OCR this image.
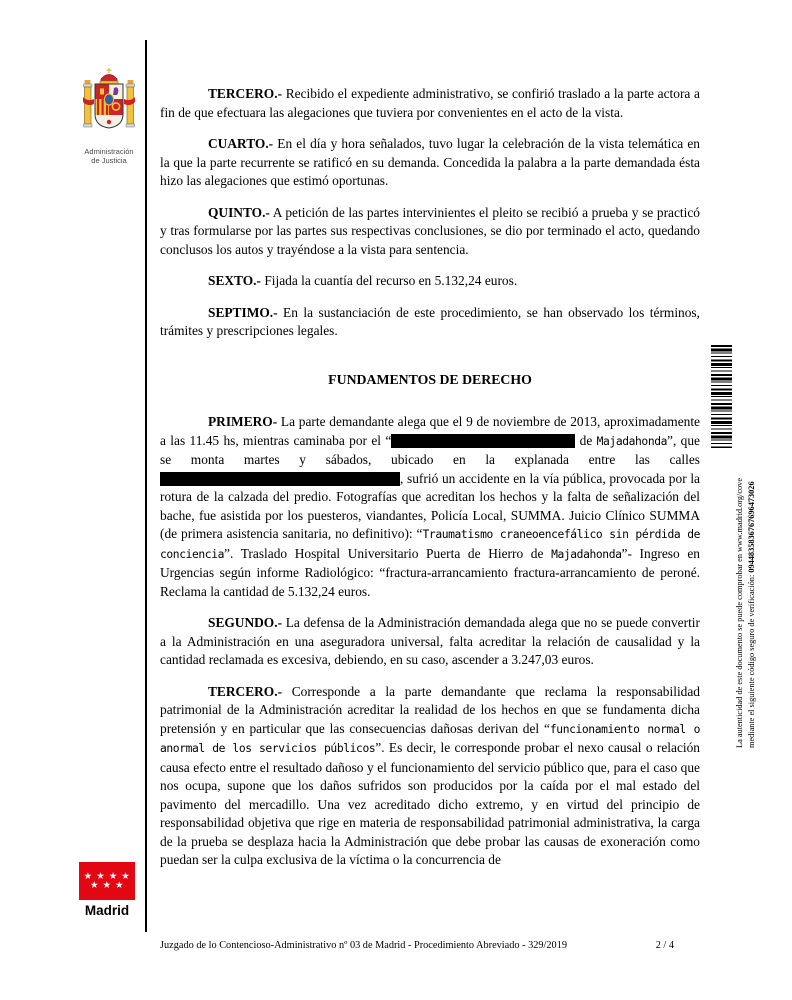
Administración
de Justicia

TERCERO.- Recibido el expediente administrativo, se confirió traslado a la parte actora a fin de que efectuara las alegaciones que tuviera por convenientes en el acto de la vista.

CUARTO.- En el día y hora señalados, tuvo lugar la celebración de la vista telemática en la que la parte recurrente se ratificó en su demanda. Concedida la palabra a la parte demandada ésta hizo las alegaciones que estimó oportunas.

QUINTO.- A petición de las partes intervinientes el pleito se recibió a prueba y se practicó y tras formularse por las partes sus respectivas conclusiones, se dio por terminado el acto, quedando conclusos los autos y trayéndose a la vista para sentencia.

SEXTO.- Fijada la cuantía del recurso en 5.132,24 euros.

SEPTIMO.- En la sustanciación de este procedimiento, se han observado los términos, trámites y prescripciones legales.

FUNDAMENTOS DE DERECHO

PRIMERO- La parte demandante alega que el 9 de noviembre de 2013, aproximadamente a las 11.45 hs, mientras caminaba por el “	de Majadahonda”, que se monta martes y sábados, ubicado en la explanada entre las calles , sufrió un accidente en la vía pública, provocada por la rotura de la calzada del predio. Fotografías que acreditan los hechos y la falta de señalización del bache, fue asistida por los puesteros, viandantes, Policía Local, SUMMA. Juicio Clínico SUMMA (de primera asistencia sanitaria, no definitivo): “Traumatismo craneoencefálico sin pérdida de conciencia”. Traslado Hospital Universitario Puerta de Hierro de Majadahonda”- Ingreso en Urgencias según informe Radiológico: “fractura-arrancamiento fractura-arrancamiento de peroné. Reclama la cantidad de 5.132,24 euros.

SEGUNDO.- La defensa de la Administración demandada alega que no se puede convertir a la Administración en una aseguradora universal, falta acreditar la relación de causalidad y la cantidad reclamada es excesiva, debiendo, en su caso, ascender a 3.247,03 euros.

TERCERO.- Corresponde a la parte demandante que reclama la responsabilidad patrimonial de la Administración acreditar la realidad de los hechos en que se fundamenta dicha pretensión y en particular que las consecuencias dañosas derivan del “funcionamiento normal o anormal de los servicios públicos”. Es decir, le corresponde probar el nexo causal o relación causa efecto entre el resultado dañoso y el funcionamiento del servicio público que, para el caso que nos ocupa, supone que los daños sufridos son producidos por la caída por el mal estado del pavimento del mercadillo. Una vez acreditado dicho extremo, y en virtud del principio de responsabilidad objetiva que rige en materia de responsabilidad patrimonial administrativa, la carga de la prueba se desplaza hacia la Administración que debe probar las causas de exoneración como puedan ser la culpa exclusiva de la víctima o la concurrencia de

La autenticidad de este documento se puede comprobar en www.madrid.org/cove mediante el siguiente código seguro de verificación: 0944835836767696473026
★ ★ ★ ★
★ ★ ★
Madrid
Juzgado de lo Contencioso-Administrativo nº 03 de Madrid - Procedimiento Abreviado - 329/2019	2 / 4
